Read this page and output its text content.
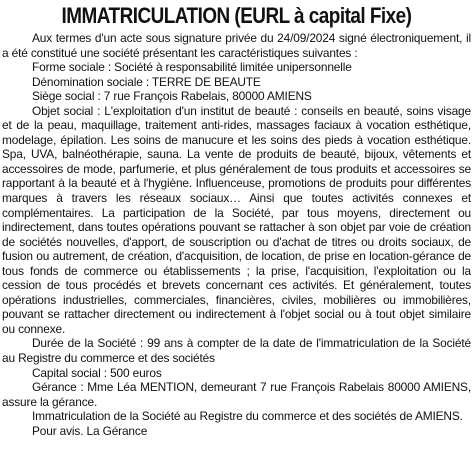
IMMATRICULATION (EURL à capital Fixe)

Aux termes d'un acte sous signature privée du 24/09/2024 signé électroniquement, il a été constitué une société présentant les caractéristiques suivantes :

Forme sociale : Société à responsabilité limitée unipersonnelle

Dénomination sociale : TERRE DE BEAUTE

Siège social : 7 rue François Rabelais, 80000 AMIENS

Objet social : L'exploitation d'un institut de beauté : conseils en beauté, soins visage et de la peau, maquillage, traitement anti-rides, massages faciaux à vocation esthétique, modelage, épilation. Les soins de manucure et les soins des pieds à vocation esthétique. Spa, UVA, balnéothérapie, sauna. La vente de produits de beauté, bijoux, vêtements et accessoires de mode, parfumerie, et plus généralement de tous produits et accessoires se rapportant à la beauté et à l'hygiène. Influenceuse, promotions de produits pour différentes marques à travers les réseaux sociaux… Ainsi que toutes activités connexes et complémentaires. La participation de la Société, par tous moyens, directement ou indirectement, dans toutes opérations pouvant se rattacher à son objet par voie de création de sociétés nouvelles, d'apport, de souscription ou d'achat de titres ou droits sociaux, de fusion ou autrement, de création, d'acquisition, de location, de prise en location-gérance de tous fonds de commerce ou établissements ; la prise, l'acquisition, l'exploitation ou la cession de tous procédés et brevets concernant ces activités. Et généralement, toutes opérations industrielles, commerciales, financières, civiles, mobilières ou immobilières, pouvant se rattacher directement ou indirectement à l'objet social ou à tout objet similaire ou connexe.

Durée de la Société : 99 ans à compter de la date de l'immatriculation de la Société au Registre du commerce et des sociétés

Capital social : 500 euros

Gérance : Mme Léa MENTION, demeurant 7 rue François Rabelais 80000 AMIENS, assure la gérance.

Immatriculation de la Société au Registre du commerce et des sociétés de AMIENS.

Pour avis. La Gérance
